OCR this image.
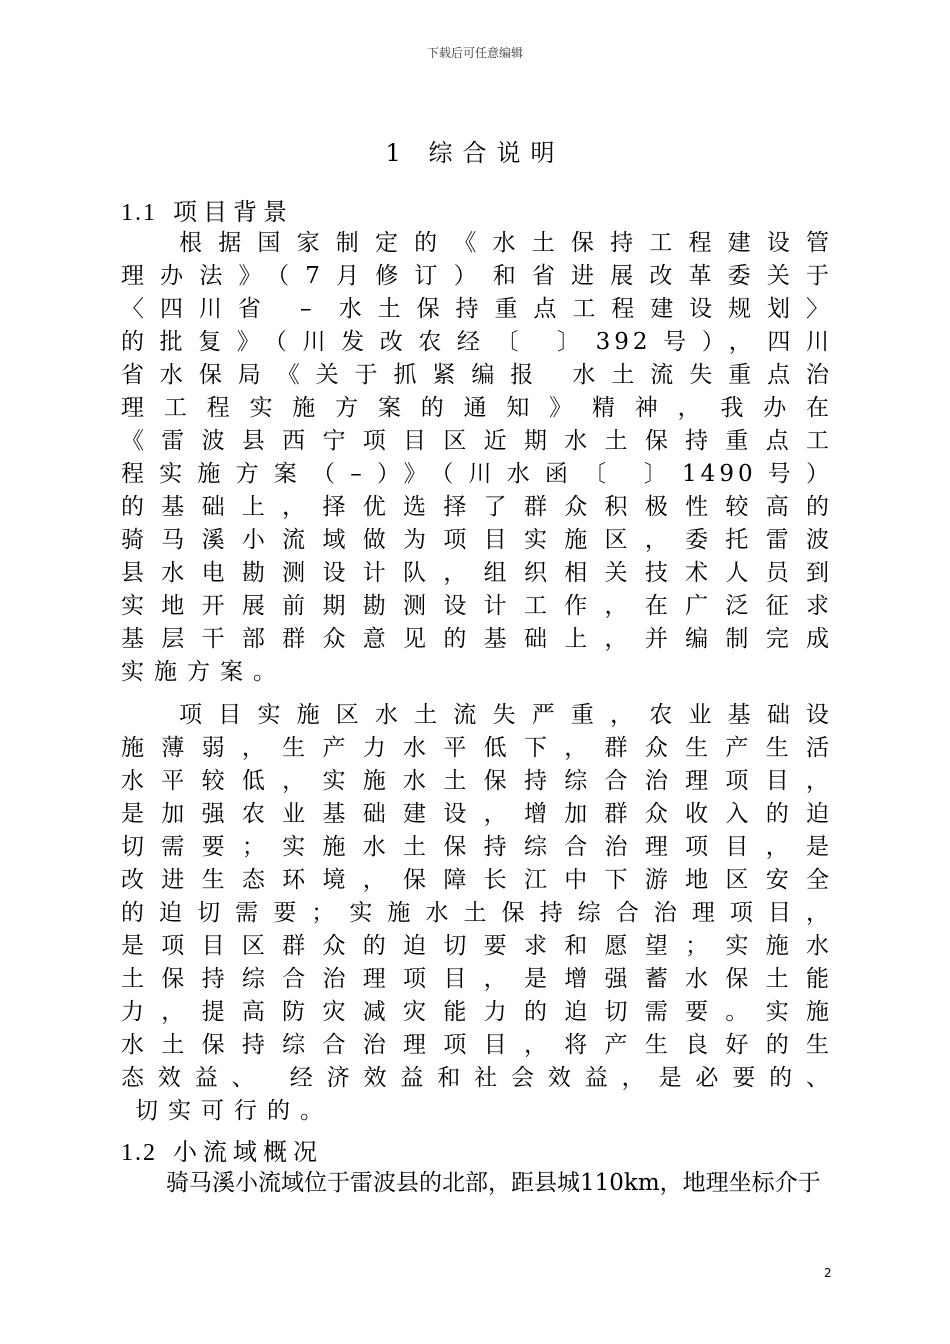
下载后可任意编辑
1 综合说明
1.1 项目背景
根据国家制定的《水土保持工程建设管
理办法》（7月修订）和省进展改革委关于
〈四川省 – 水土保持重点工程建设规划〉
的批复》（川发改农经〔 〕392号），四川
省水保局《关于抓紧编报 水土流失重点治
理工程实施方案的通知》精神，我办在
《雷波县西宁项目区近期水土保持重点工
程实施方案（–）》（川水函〔 〕1490号）
的基础上，择优选择了群众积极性较高的
骑马溪小流域做为项目实施区，委托雷波
县水电勘测设计队，组织相关技术人员到
实地开展前期勘测设计工作，在广泛征求
基层干部群众意见的基础上，并编制完成
实施方案。
项目实施区水土流失严重，农业基础设
施薄弱，生产力水平低下，群众生产生活
水平较低，实施水土保持综合治理项目，
是加强农业基础建设，增加群众收入的迫
切需要；实施水土保持综合治理项目，是
改进生态环境，保障长江中下游地区安全
的迫切需要；实施水土保持综合治理项目，
是项目区群众的迫切要求和愿望；实施水
土保持综合治理项目，是增强蓄水保土能
力，提高防灾减灾能力的迫切需要。实施
水土保持综合治理项目，将产生良好的生
态效益、 经济效益和社会效益，是必要的、
切实可行的。
1.2 小流域概况
骑马溪小流域位于雷波县的北部，距县城110km，地理坐标介于
2
